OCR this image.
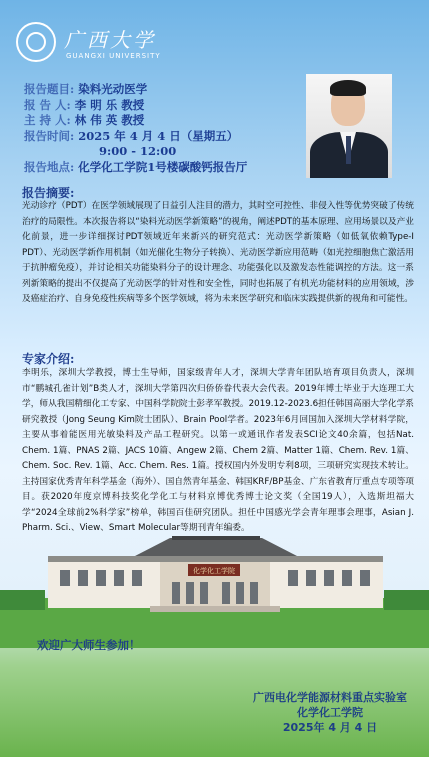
广西大学
GUANGXI UNIVERSITY
报告题目: 染料光动医学
报 告 人: 李 明 乐 教授
主 持 人: 林 伟 英 教授
报告时间: 2025 年 4 月 4 日（星期五）
9:00 - 12:00
报告地点: 化学化工学院1号楼碳酸钙报告厅
报告摘要:
光动诊疗（PDT）在医学领域展现了日益引人注目的潜力，其时空可控性、非侵入性等优势突破了传统治疗的局限性。本次报告将以“染料光动医学新策略”的视角，阐述PDT的基本原理、应用场景以及产业化前景，进一步详细探讨PDT领域近年来新兴的研究范式：光动医学新策略（如低氧依赖Type-I PDT）、光动医学新作用机制（如光催化生物分子转换）、光动医学新应用范畴（如光控细胞焦亡激活用于抗肿瘤免疫），并讨论相关功能染料分子的设计理念、功能强化以及激发态性能调控的方法。这一系列新策略的提出不仅提高了光动医学的针对性和安全性，同时也拓展了有机光功能材料的应用领域，涉及癌症治疗、自身免疫性疾病等多个医学领域，将为未来医学研究和临床实践提供新的视角和可能性。
专家介绍:
李明乐，深圳大学教授，博士生导师，国家级青年人才，深圳大学青年团队培育项目负责人，深圳市“鹏城孔雀计划”B类人才，深圳大学第四次归侨侨眷代表大会代表。2019年博士毕业于大连理工大学，师从我国精细化工专家、中国科学院院士彭孝军教授。2019.12-2023.6担任韩国高丽大学化学系研究教授（Jong Seung Kim院士团队）、Brain Pool学者。2023年6月回国加入深圳大学材料学院，主要从事着能医用光敏染料及产品工程研究。以第一或通讯作者发表SCI论文40余篇，包括Nat. Chem. 1篇、PNAS 2篇、JACS 10篇、Angew 2篇、Chem 2篇、Matter 1篇、Chem. Rev. 1篇、Chem. Soc. Rev. 1篇、Acc. Chem. Res. 1篇。授权国内外发明专利8项，三项研究实现技术转让。主持国家优秀青年科学基金（海外）、国自然青年基金、韩国KRF/BP基金、广东省教育厅重点专项等项目。获2020年度京博科技奖化学化工与材料京博优秀博士论文奖（全国19人），入选斯坦福大学“2024全球前2%科学家”榜单，韩国百佳研究团队。担任中国感光学会青年理事会理事，Asian J. Pharm. Sci.、View、Smart Molecular等期刊青年编委。
化学化工学院
欢迎广大师生参加！
广西电化学能源材料重点实验室
化学化工学院
2025年 4 月 4 日
